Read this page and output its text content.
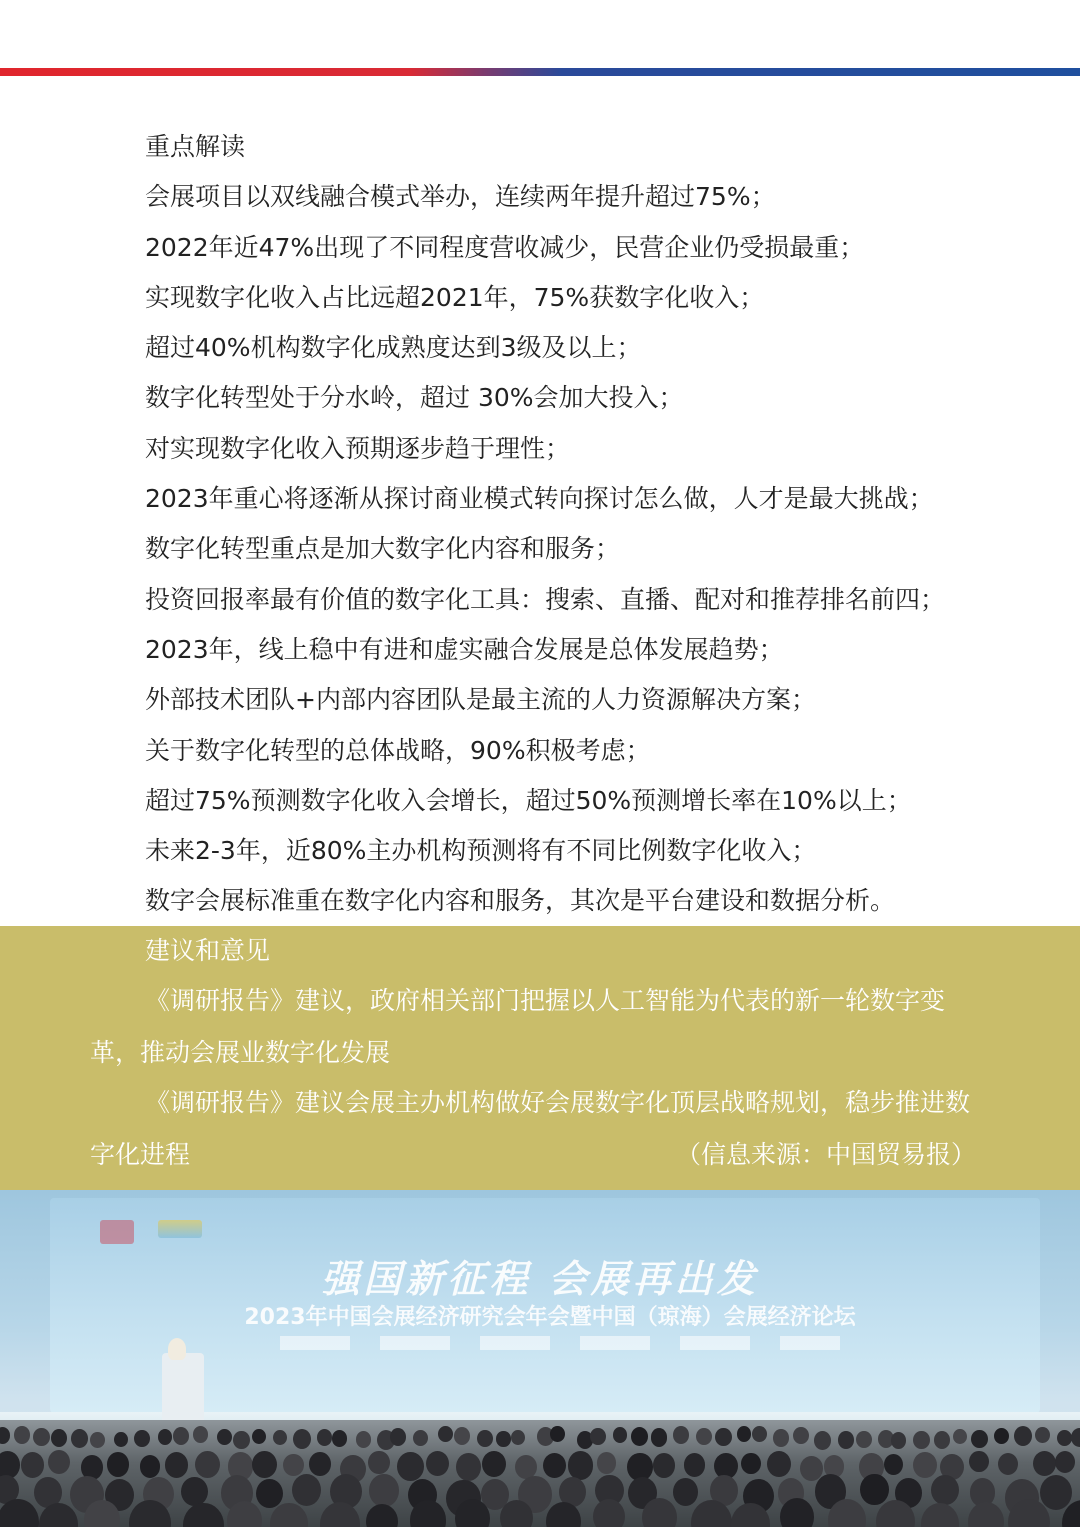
重点解读
会展项目以双线融合模式举办，连续两年提升超过75%；
2022年近47%出现了不同程度营收减少，民营企业仍受损最重；
实现数字化收入占比远超2021年，75%获数字化收入；
超过40%机构数字化成熟度达到3级及以上；
数字化转型处于分水岭，超过 30%会加大投入；
对实现数字化收入预期逐步趋于理性；
2023年重心将逐渐从探讨商业模式转向探讨怎么做，人才是最大挑战；
数字化转型重点是加大数字化内容和服务；
投资回报率最有价值的数字化工具：搜索、直播、配对和推荐排名前四；
2023年，线上稳中有进和虚实融合发展是总体发展趋势；
外部技术团队+内部内容团队是最主流的人力资源解决方案；
关于数字化转型的总体战略，90%积极考虑；
超过75%预测数字化收入会增长，超过50%预测增长率在10%以上；
未来2-3年，近80%主办机构预测将有不同比例数字化收入；
数字会展标准重在数字化内容和服务，其次是平台建设和数据分析。
建议和意见
《调研报告》建议，政府相关部门把握以人工智能为代表的新一轮数字变
革，推动会展业数字化发展
《调研报告》建议会展主办机构做好会展数字化顶层战略规划，稳步推进数
字化进程	（信息来源：中国贸易报）
强国新征程 会展再出发
2023年中国会展经济研究会年会暨中国（琼海）会展经济论坛
